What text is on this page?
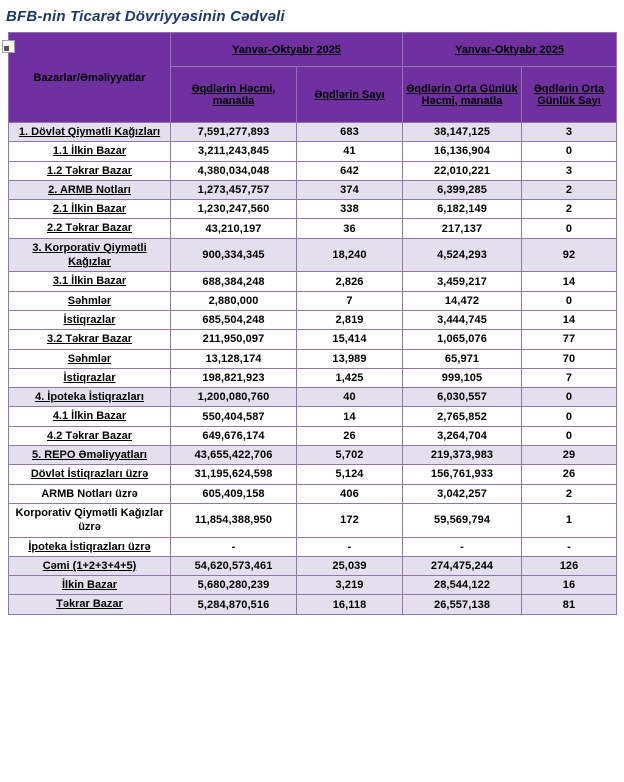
BFB-nin Ticarət Dövriyyəsinin Cədvəli
Bazarlar/Əməliyyatlar	Yanvar-Oktyabr 2025		Yanvar-Oktyabr 2025	
	Əqdlərin Həcmi, manatla	Əqdlərin Sayı	Əqdlərin Orta Günlük Həcmi, manatla	Əqdlərin Orta Günlük Sayı
1. Dövlət Qiymətli Kağızları	7,591,277,893	683	38,147,125	3
1.1 İlkin Bazar	3,211,243,845	41	16,136,904	0
1.2 Təkrar Bazar	4,380,034,048	642	22,010,221	3
2. ARMB Notları	1,273,457,757	374	6,399,285	2
2.1 İlkin Bazar	1,230,247,560	338	6,182,149	2
2.2 Təkrar Bazar	43,210,197	36	217,137	0
3. Korporativ Qiymətli Kağızlar	900,334,345	18,240	4,524,293	92
3.1 İlkin Bazar	688,384,248	2,826	3,459,217	14
Səhmlər	2,880,000	7	14,472	0
İstiqrazlar	685,504,248	2,819	3,444,745	14
3.2 Təkrar Bazar	211,950,097	15,414	1,065,076	77
Səhmlər	13,128,174	13,989	65,971	70
İstiqrazlar	198,821,923	1,425	999,105	7
4. İpoteka İstiqrazları	1,200,080,760	40	6,030,557	0
4.1 İlkin Bazar	550,404,587	14	2,765,852	0
4.2 Təkrar Bazar	649,676,174	26	3,264,704	0
5. REPO Əməliyyatları	43,655,422,706	5,702	219,373,983	29
Dövlət İstiqrazları üzrə	31,195,624,598	5,124	156,761,933	26
ARMB Notları üzrə	605,409,158	406	3,042,257	2
Korporativ Qiymətli Kağızlar üzrə	11,854,388,950	172	59,569,794	1
İpoteka İstiqrazları üzrə	-	-	-	-
Cəmi (1+2+3+4+5)	54,620,573,461	25,039	274,475,244	126
İlkin Bazar	5,680,280,239	3,219	28,544,122	16
Təkrar Bazar	5,284,870,516	16,118	26,557,138	81
